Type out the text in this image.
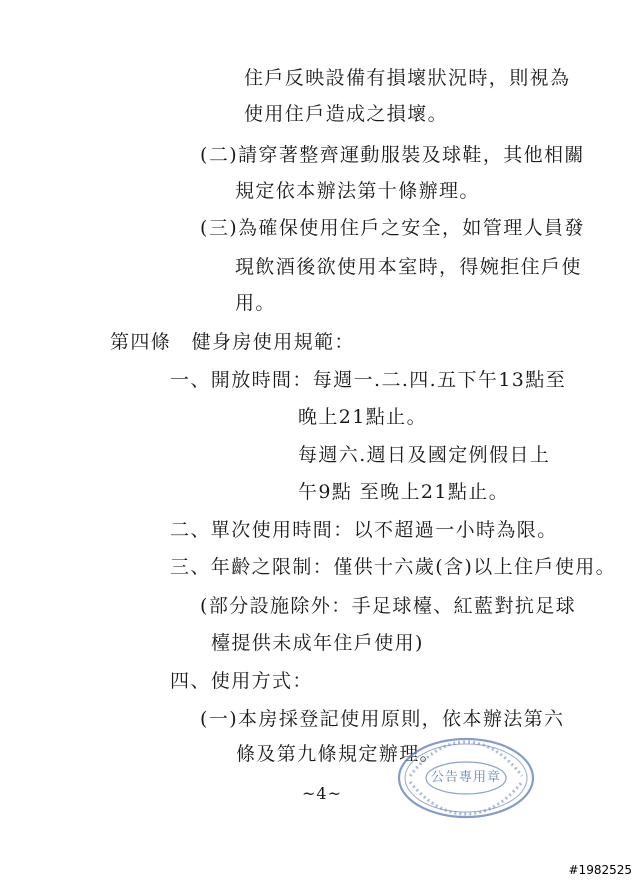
住戶反映設備有損壞狀況時，則視為
使用住戶造成之損壞。
(二)請穿著整齊運動服裝及球鞋，其他相關
規定依本辦法第十條辦理。
(三)為確保使用住戶之安全，如管理人員發
現飲酒後欲使用本室時，得婉拒住戶使
用。
第四條　健身房使用規範：
一、開放時間：每週一.二.四.五下午13點至
晚上21點止。
每週六.週日及國定例假日上
午9點 至晚上21點止。
二、單次使用時間：以不超過一小時為限。
三、年齡之限制：僅供十六歲(含)以上住戶使用。
(部分設施除外：手足球檯、紅藍對抗足球
檯提供未成年住戶使用)
四、使用方式：
(一)本房採登記使用原則，依本辦法第六
條及第九條規定辦理。
~4~
公告專用章
#1982525
